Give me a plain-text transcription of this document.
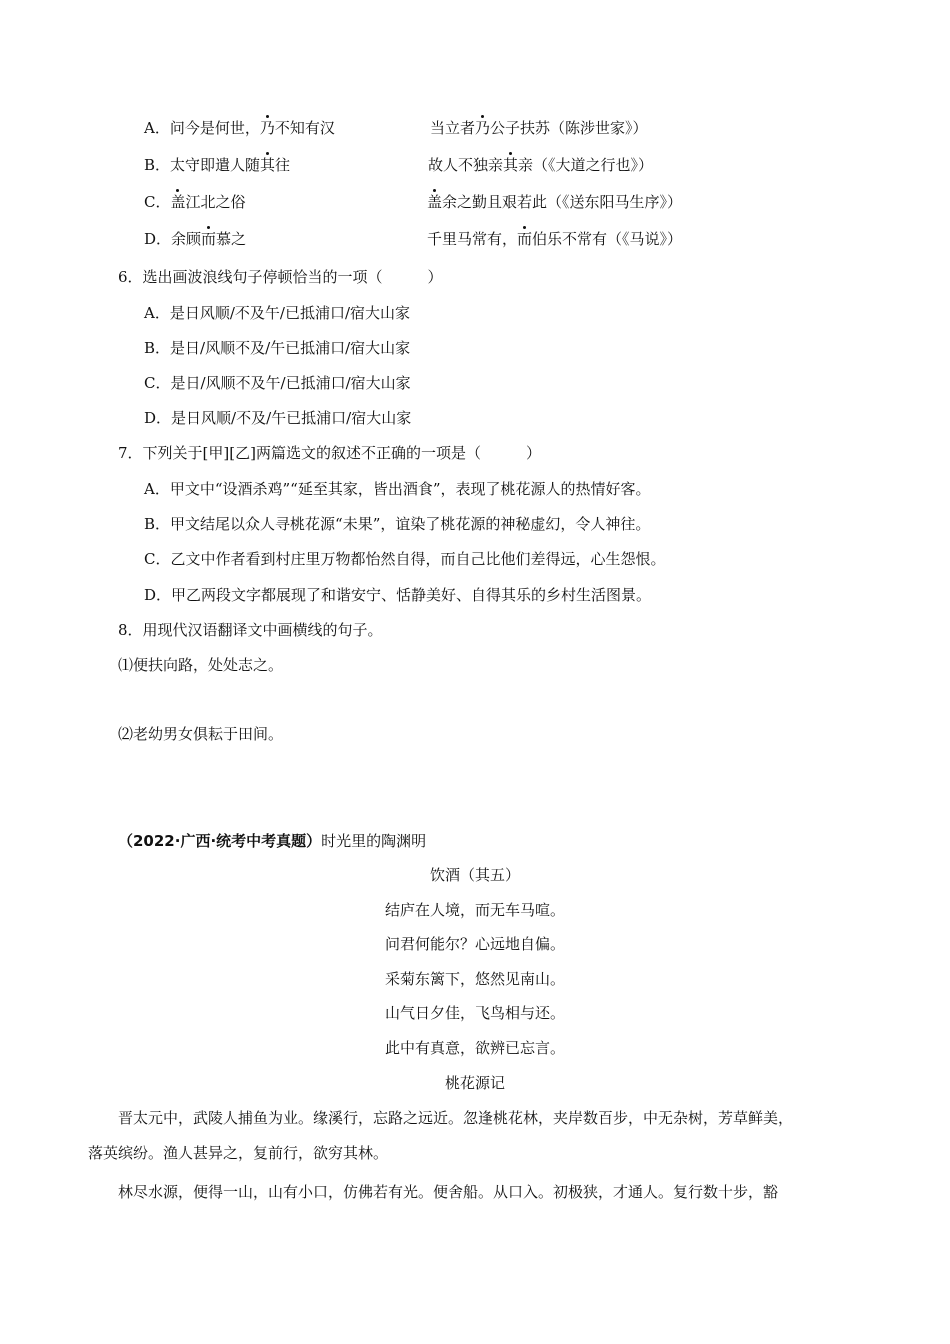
A．问今是何世，乃不知有汉	当立者乃公子扶苏（陈涉世家》）
B．太守即遣人随其往	故人不独亲其亲（《大道之行也》）
C．盖江北之俗	盖余之勤且艰若此（《送东阳马生序》）
D．余顾而慕之	千里马常有，而伯乐不常有（《马说》）
6．选出画波浪线句子停顿恰当的一项（　　　）
A．是日风顺/不及午/已抵浦口/宿大山家
B．是日/风顺不及/午已抵浦口/宿大山家
C．是日/风顺不及午/已抵浦口/宿大山家
D．是日风顺/不及/午已抵浦口/宿大山家
7．下列关于[甲][乙]两篇选文的叙述不正确的一项是（　　　）
A．甲文中“设酒杀鸡”“延至其家，皆出酒食”，表现了桃花源人的热情好客。
B．甲文结尾以众人寻桃花源“未果”，谊染了桃花源的神秘虚幻，令人神往。
C．乙文中作者看到村庄里万物都怡然自得，而自己比他们差得远，心生怨恨。
D．甲乙两段文字都展现了和谐安宁、恬静美好、自得其乐的乡村生活图景。
8．用现代汉语翻译文中画横线的句子。
⑴便扶向路，处处志之。
⑵老幼男女俱耘于田间。
（2022·广西·统考中考真题）时光里的陶渊明
饮酒（其五）
结庐在人境，而无车马喧。
问君何能尔？心远地自偏。
采菊东篱下，悠然见南山。
山气日夕佳，飞鸟相与还。
此中有真意，欲辨已忘言。
桃花源记
晋太元中，武陵人捕鱼为业。缘溪行，忘路之远近。忽逢桃花林，夹岸数百步，中无杂树，芳草鲜美，
落英缤纷。渔人甚异之，复前行，欲穷其林。
林尽水源，便得一山，山有小口，仿佛若有光。便舍船。从口入。初极狭，才通人。复行数十步，豁
